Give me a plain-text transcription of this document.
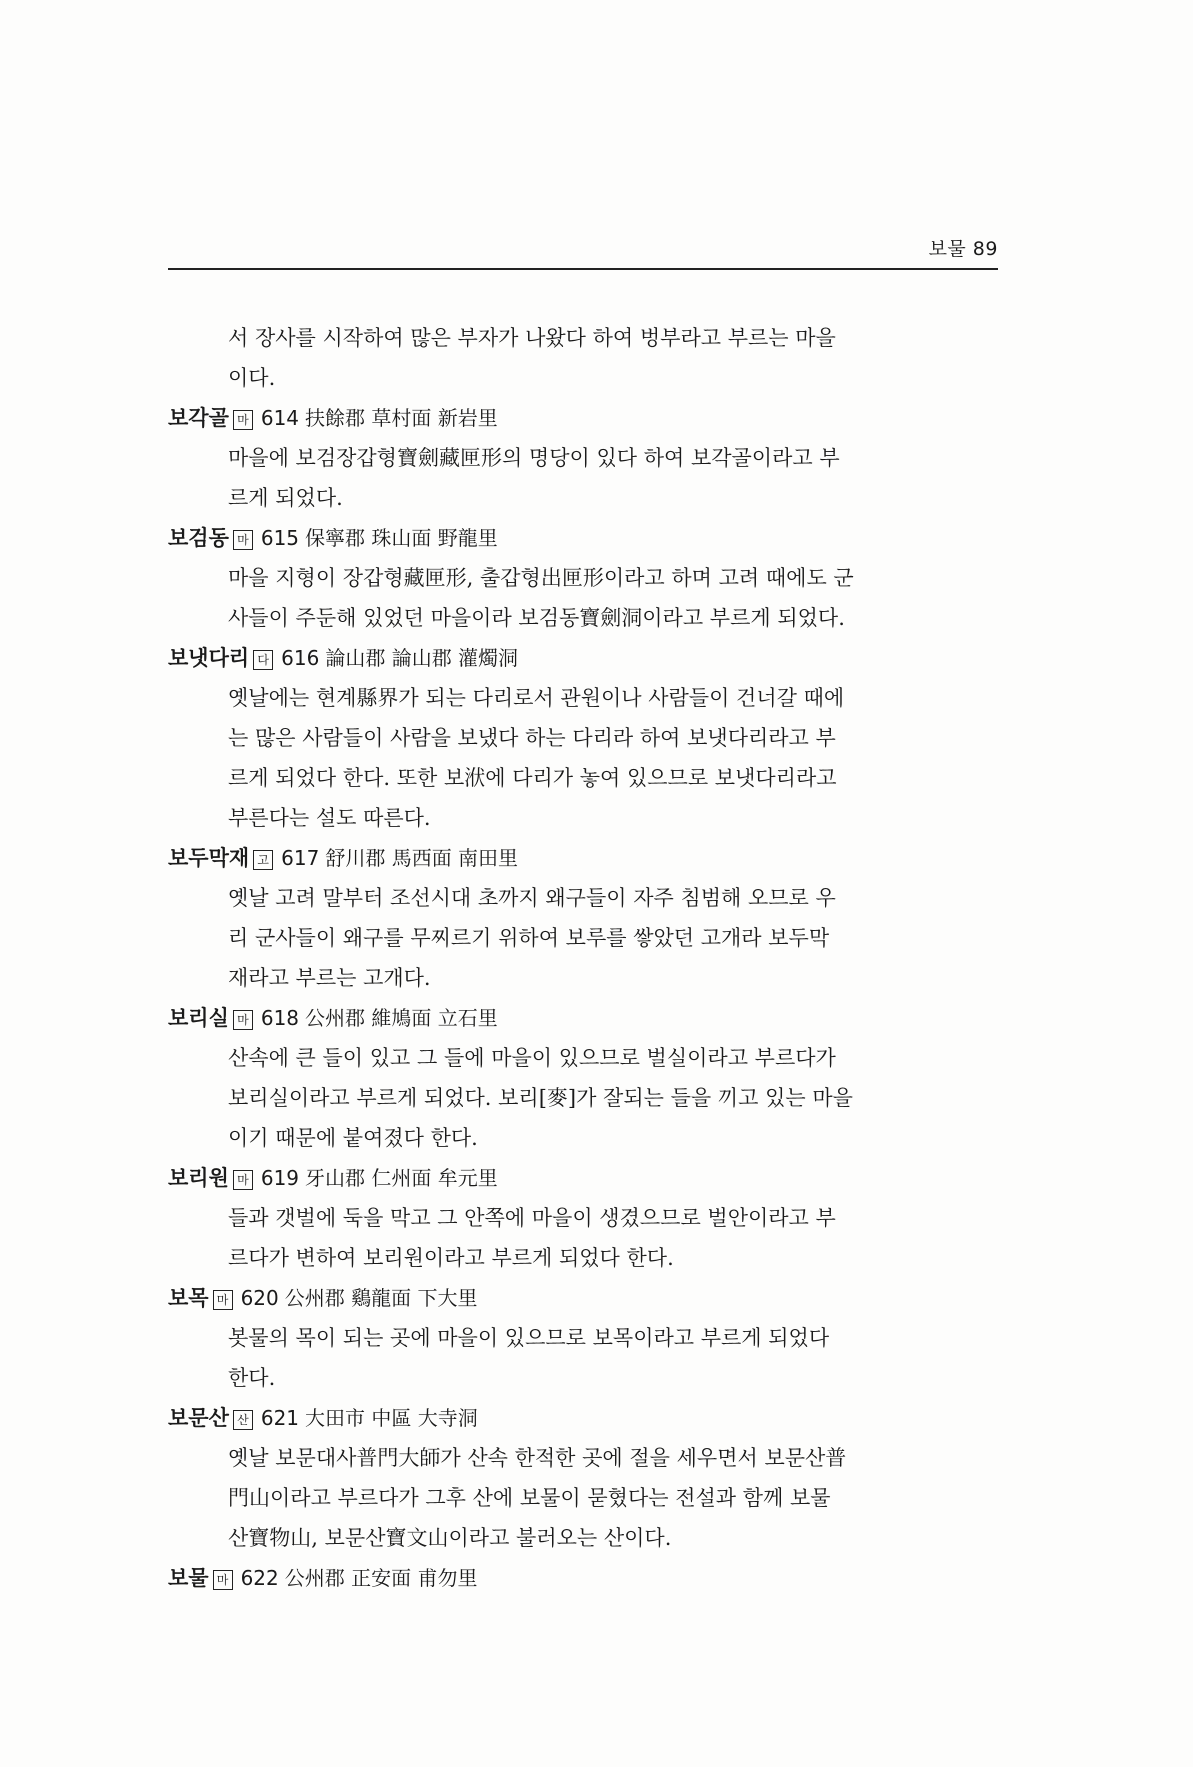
보물 89
서 장사를 시작하여 많은 부자가 나왔다 하여 벙부라고 부르는 마을
이다.
보각골 마 614 扶餘郡 草村面 新岩里
마을에 보검장갑형寶劍藏匣形의 명당이 있다 하여 보각골이라고 부
르게 되었다.
보검동 마 615 保寧郡 珠山面 野龍里
마을 지형이 장갑형藏匣形, 출갑형出匣形이라고 하며 고려 때에도 군
사들이 주둔해 있었던 마을이라 보검동寶劍洞이라고 부르게 되었다.
보냇다리 다 616 論山郡 論山郡 灌燭洞
옛날에는 현계縣界가 되는 다리로서 관원이나 사람들이 건너갈 때에
는 많은 사람들이 사람을 보냈다 하는 다리라 하여 보냇다리라고 부
르게 되었다 한다. 또한 보洑에 다리가 놓여 있으므로 보냇다리라고
부른다는 설도 따른다.
보두막재 고 617 舒川郡 馬西面 南田里
옛날 고려 말부터 조선시대 초까지 왜구들이 자주 침범해 오므로 우
리 군사들이 왜구를 무찌르기 위하여 보루를 쌓았던 고개라 보두막
재라고 부르는 고개다.
보리실 마 618 公州郡 維鳩面 立石里
산속에 큰 들이 있고 그 들에 마을이 있으므로 벌실이라고 부르다가
보리실이라고 부르게 되었다. 보리[麥]가 잘되는 들을 끼고 있는 마을
이기 때문에 붙여졌다 한다.
보리원 마 619 牙山郡 仁州面 牟元里
들과 갯벌에 둑을 막고 그 안쪽에 마을이 생겼으므로 벌안이라고 부
르다가 변하여 보리원이라고 부르게 되었다 한다.
보목 마 620 公州郡 鷄龍面 下大里
봇물의 목이 되는 곳에 마을이 있으므로 보목이라고 부르게 되었다
한다.
보문산 산 621 大田市 中區 大寺洞
옛날 보문대사普門大師가 산속 한적한 곳에 절을 세우면서 보문산普
門山이라고 부르다가 그후 산에 보물이 묻혔다는 전설과 함께 보물
산寶物山, 보문산寶文山이라고 불러오는 산이다.
보물 마 622 公州郡 正安面 甫勿里
